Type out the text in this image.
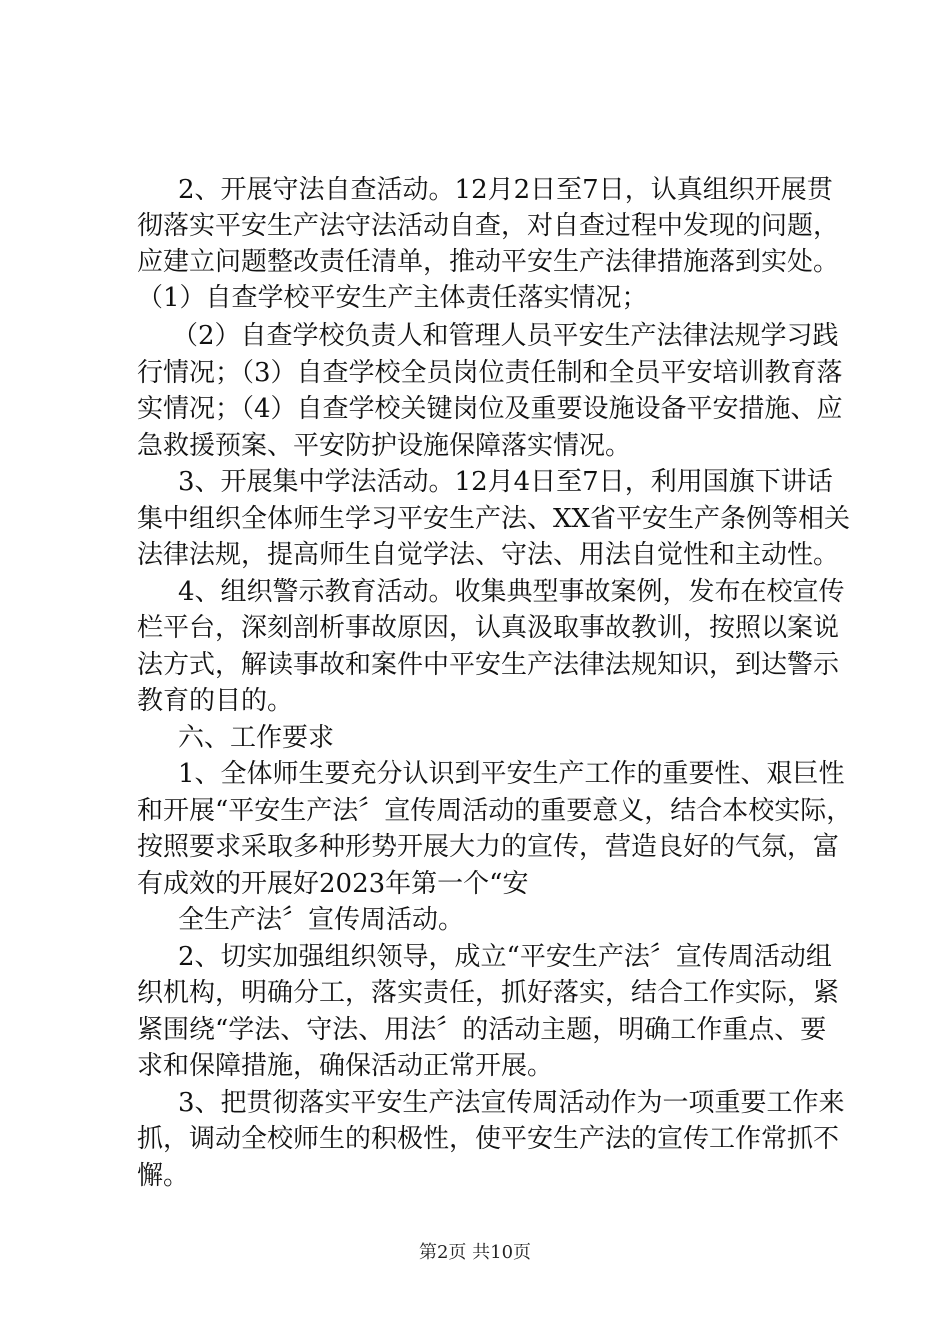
2、开展守法自查活动。12月2日至7日，认真组织开展贯
彻落实平安生产法守法活动自查，对自查过程中发现的问题，
应建立问题整改责任清单，推动平安生产法律措施落到实处。
（1）自查学校平安生产主体责任落实情况；
（2）自查学校负责人和管理人员平安生产法律法规学习践
行情况；（3）自查学校全员岗位责任制和全员平安培训教育落
实情况；（4）自查学校关键岗位及重要设施设备平安措施、应
急救援预案、平安防护设施保障落实情况。
3、开展集中学法活动。12月4日至7日，利用国旗下讲话
集中组织全体师生学习平安生产法、XX省平安生产条例等相关
法律法规，提高师生自觉学法、守法、用法自觉性和主动性。
4、组织警示教育活动。收集典型事故案例，发布在校宣传
栏平台，深刻剖析事故原因，认真汲取事故教训，按照以案说
法方式，解读事故和案件中平安生产法律法规知识，到达警示
教育的目的。
六、工作要求
1、全体师生要充分认识到平安生产工作的重要性、艰巨性
和开展“平安生产法〞宣传周活动的重要意义，结合本校实际，
按照要求采取多种形势开展大力的宣传，营造良好的气氛，富
有成效的开展好2023年第一个“安
全生产法〞宣传周活动。
2、切实加强组织领导，成立“平安生产法〞宣传周活动组
织机构，明确分工，落实责任，抓好落实，结合工作实际，紧
紧围绕“学法、守法、用法〞的活动主题，明确工作重点、要
求和保障措施，确保活动正常开展。
3、把贯彻落实平安生产法宣传周活动作为一项重要工作来
抓，调动全校师生的积极性，使平安生产法的宣传工作常抓不
懈。
第2页 共10页
